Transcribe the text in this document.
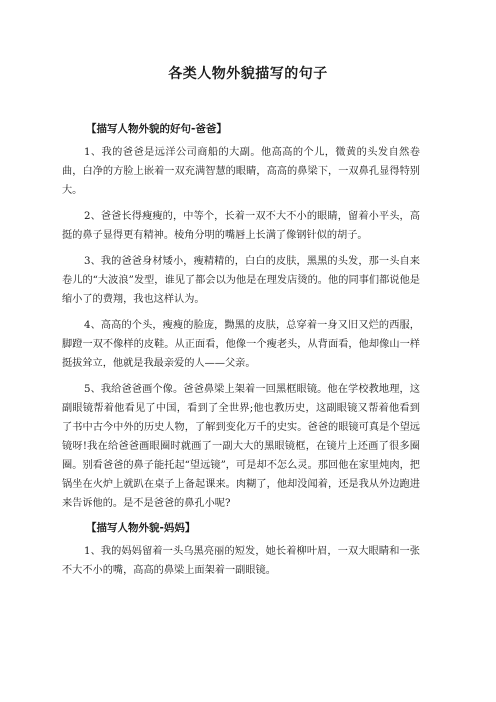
各类人物外貌描写的句子
【描写人物外貌的好句-爸爸】

1、我的爸爸是远洋公司商船的大副。他高高的个儿，微黄的头发自然卷曲，白净的方脸上嵌着一双充满智慧的眼睛，高高的鼻梁下，一双鼻孔显得特别大。

2、爸爸长得瘦瘦的，中等个，长着一双不大不小的眼睛，留着小平头，高挺的鼻子显得更有精神。棱角分明的嘴唇上长满了像钢针似的胡子。

3、我的爸爸身材矮小，瘦精精的，白白的皮肤，黑黑的头发，那一头自来卷儿的“大波浪”发型，谁见了都会以为他是在理发店烫的。他的同事们都说他是缩小了的费翔，我也这样认为。

4、高高的个头，瘦瘦的脸庞，黝黑的皮肤，总穿着一身又旧又烂的西服，脚蹬一双不像样的皮鞋。从正面看，他像一个瘦老头，从背面看，他却像山一样挺拔耸立，他就是我最亲爱的人——父亲。

5、我给爸爸画个像。爸爸鼻梁上架着一回黑框眼镜。他在学校教地理，这副眼镜帮着他看见了中国，看到了全世界;他也教历史，这副眼镜又帮着他看到了书中古今中外的历史人物，了解到变化万千的史实。爸爸的眼镜可真是个望远镜呀!我在给爸爸画眼圈时就画了一副大大的黑眼镜框，在镜片上还画了很多圈圈。别看爸爸的鼻子能托起“望远镜”，可是却不怎么灵。那回他在家里炖肉，把锅坐在火炉上就趴在桌子上备起课来。肉糊了，他却没闻着，还是我从外边跑进来告诉他的。是不是爸爸的鼻孔小呢?

【描写人物外貌-妈妈】

1、我的妈妈留着一头乌黑亮丽的短发，她长着柳叶眉，一双大眼睛和一张不大不小的嘴，高高的鼻梁上面架着一副眼镜。
